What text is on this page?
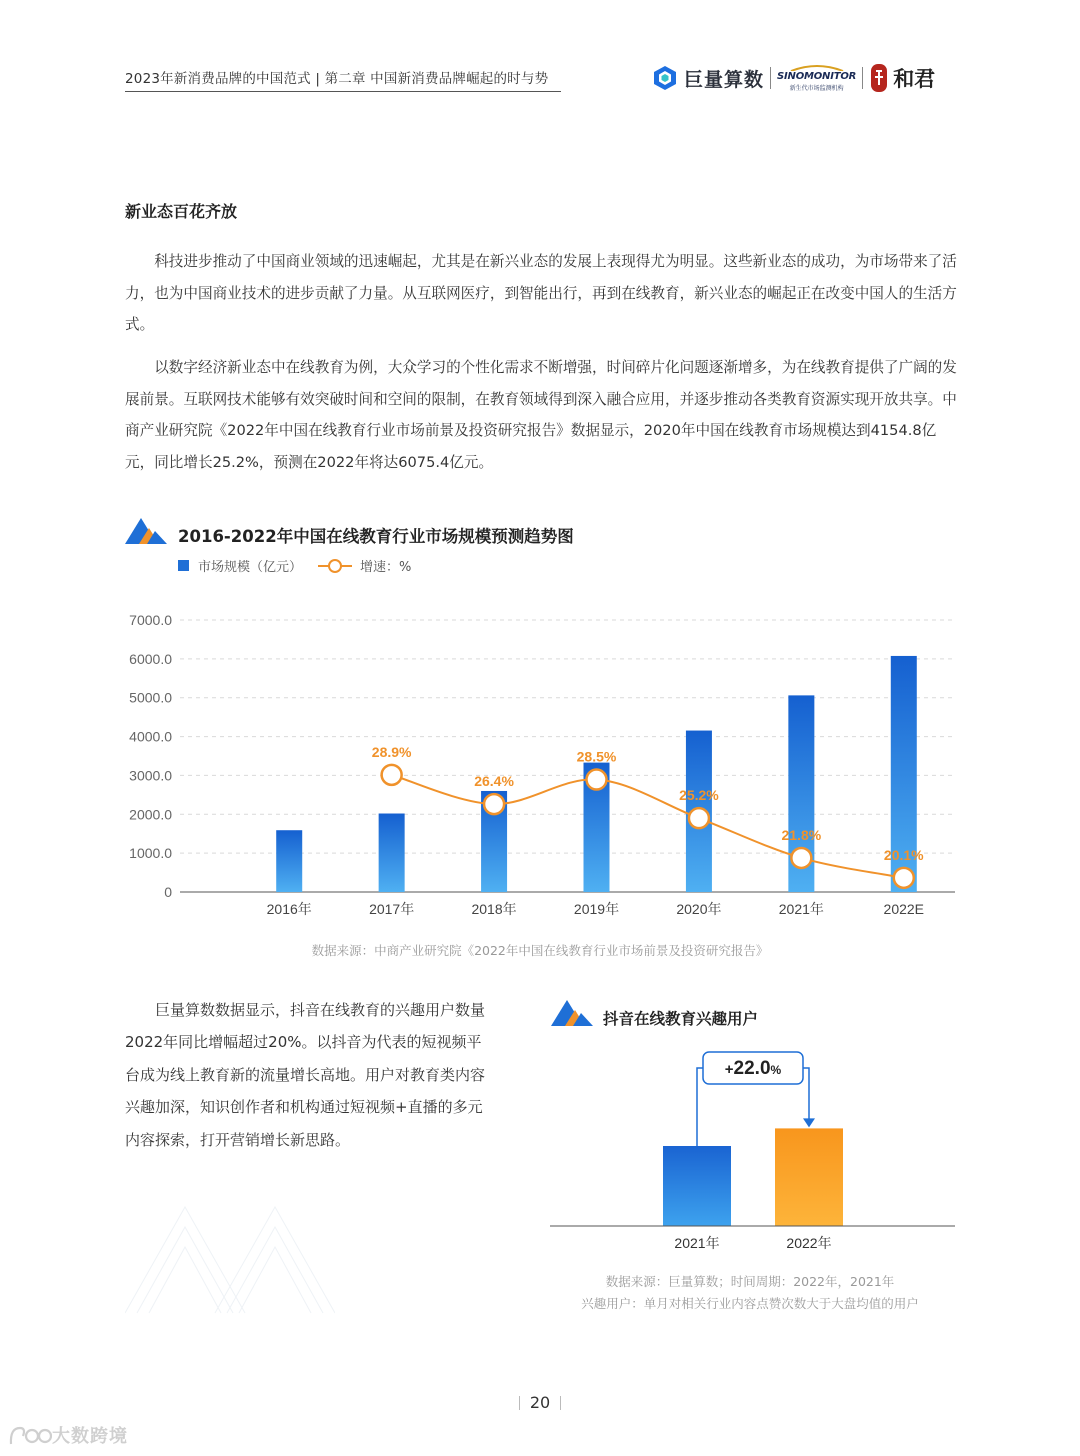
2023年新消费品牌的中国范式 | 第二章 中国新消费品牌崛起的时与势	巨量算数 SINOMONITOR
新生代市场监测机构 和君
新业态百花齐放

科技进步推动了中国商业领域的迅速崛起，尤其是在新兴业态的发展上表现得尤为明显。这些新业态的成功，为市场带来了活力，也为中国商业技术的进步贡献了力量。从互联网医疗，到智能出行，再到在线教育，新兴业态的崛起正在改变中国人的生活方式。

以数字经济新业态中在线教育为例，大众学习的个性化需求不断增强，时间碎片化问题逐渐增多，为在线教育提供了广阔的发展前景。互联网技术能够有效突破时间和空间的限制，在教育领域得到深入融合应用，并逐步推动各类教育资源实现开放共享。中商产业研究院《2022年中国在线教育行业市场前景及投资研究报告》数据显示，2020年中国在线教育市场规模达到4154.8亿元，同比增长25.2%，预测在2022年将达6075.4亿元。

2016-2022年中国在线教育行业市场规模预测趋势图
市场规模（亿元）	增速：%
0
1000.0
2000.0
3000.0
4000.0
5000.0
6000.0
7000.0
2016年	2017年	2018年	2019年	2020年	2021年	2022E
28.9%
26.4%
28.5%
25.2%
21.8%
20.1%
数据来源：中商产业研究院《2022年中国在线教育行业市场前景及投资研究报告》

巨量算数数据显示，抖音在线教育的兴趣用户数量2022年同比增幅超过20%。以抖音为代表的短视频平台成为线上教育新的流量增长高地。用户对教育类内容兴趣加深，知识创作者和机构通过短视频+直播的多元内容探索，打开营销增长新思路。

抖音在线教育兴趣用户
2021年	2022年
+22.0%
数据来源：巨量算数；时间周期：2022年，2021年
兴趣用户：单月对相关行业内容点赞次数大于大盘均值的用户
20
大数跨境
